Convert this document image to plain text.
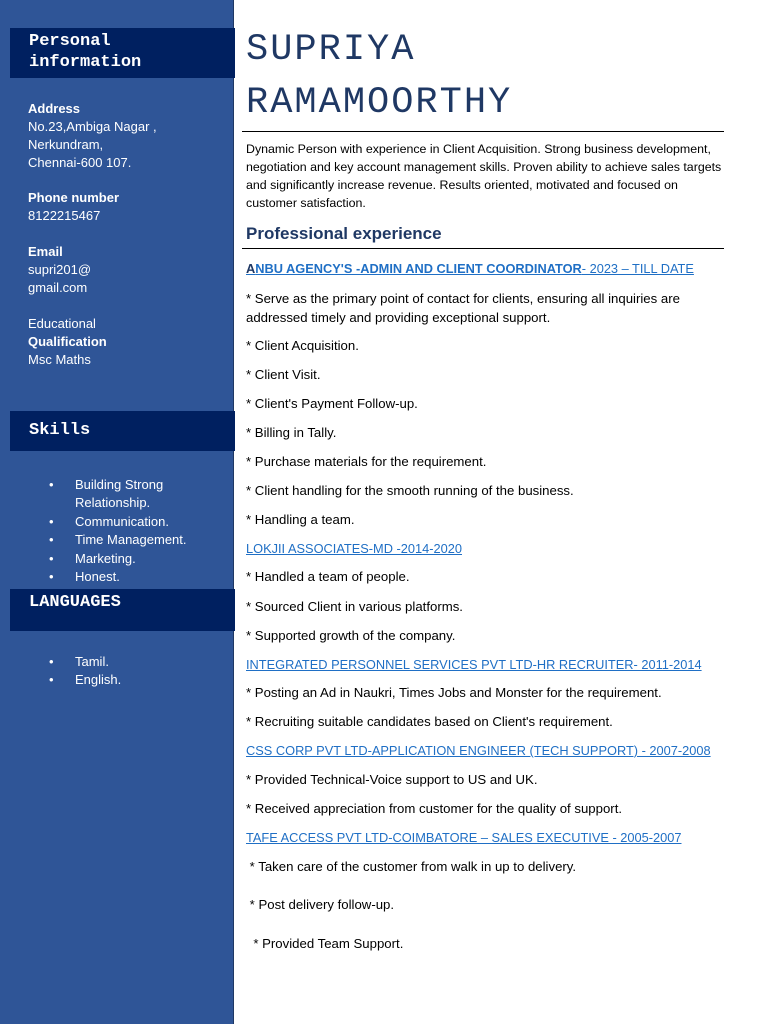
Personal
information
Address
No.23,Ambiga Nagar ,
Nerkundram,
Chennai-600 107.
Phone number
8122215467
Email
supri201@
gmail.com
Educational
Qualification
Msc Maths
Skills
• Building Strong
Relationship.
• Communication.
• Time Management.
• Marketing.
• Honest.
LANGUAGES
• Tamil.
• English.
SUPRIYA
RAMAMOORTHY
Dynamic Person with experience in Client Acquisition. Strong business development, negotiation and key account management skills. Proven ability to achieve sales targets and significantly increase revenue. Results oriented, motivated and focused on customer satisfaction.
Professional experience
ANBU AGENCY'S -ADMIN AND CLIENT COORDINATOR- 2023 – TILL DATE
* Serve as the primary point of contact for clients, ensuring all inquiries are addressed timely and providing exceptional support.
* Client Acquisition.
* Client Visit.
* Client's Payment Follow-up.
* Billing in Tally.
* Purchase materials for the requirement.
* Client handling for the smooth running of the business.
* Handling a team.
LOKJII ASSOCIATES-MD -2014-2020
* Handled a team of people.
* Sourced Client in various platforms.
* Supported growth of the company.
INTEGRATED PERSONNEL SERVICES PVT LTD-HR RECRUITER- 2011-2014
* Posting an Ad in Naukri, Times Jobs and Monster for the requirement.
* Recruiting suitable candidates based on Client's requirement.
CSS CORP PVT LTD-APPLICATION ENGINEER (TECH SUPPORT) - 2007-2008
* Provided Technical-Voice support to US and UK.
* Received appreciation from customer for the quality of support.
TAFE ACCESS PVT LTD-COIMBATORE – SALES EXECUTIVE - 2005-2007
* Taken care of the customer from walk in up to delivery.
* Post delivery follow-up.
* Provided Team Support.
